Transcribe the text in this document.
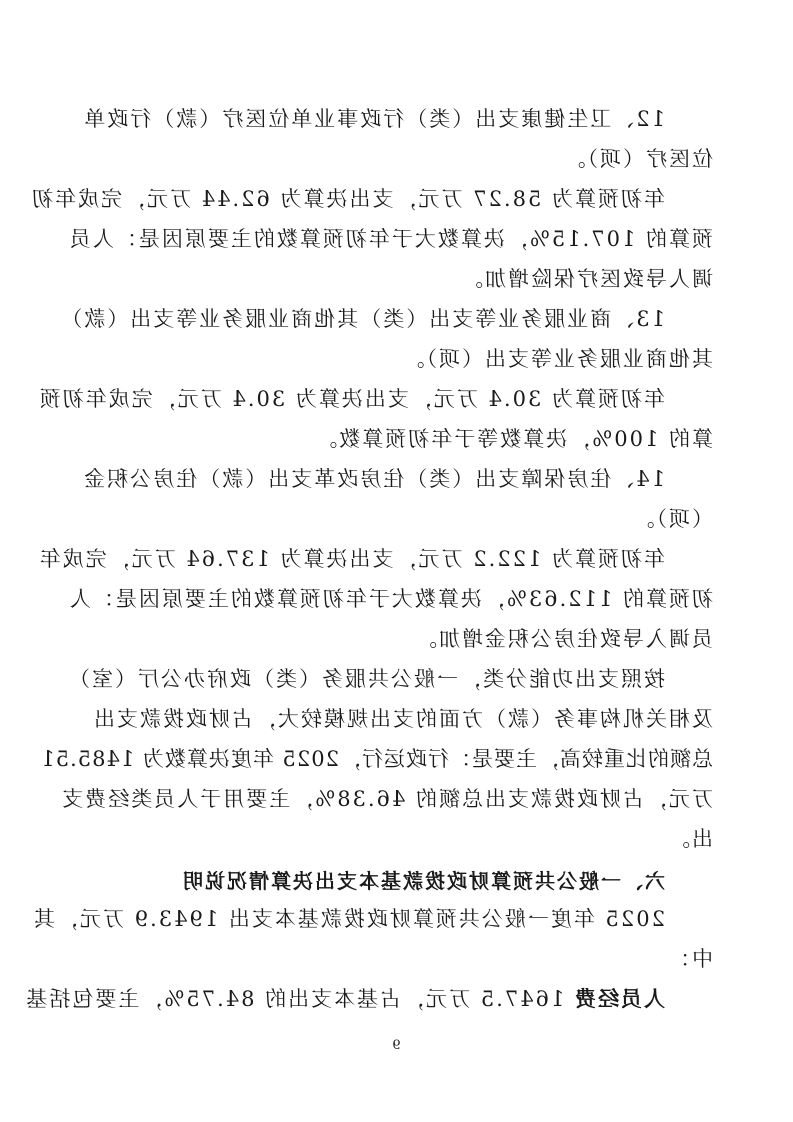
12、卫生健康支出（类）行政事业单位医疗（款）行政单
位医疗（项）。
年初预算为 58.27 万元，支出决算为 62.44 万元，完成年初
预算的 107.15%，决算数大于年初预算数的主要原因是：人员
调人导致医疗保险增加。
13、商业服务业等支出（类）其他商业服务业等支出（款）
其他商业服务业等支出（项）。
年初预算为 30.4 万元，支出决算为 30.4 万元，完成年初预
算的 100%，决算数等于年初预算数。
14、住房保障支出（类）住房改革支出（款）住房公积金
（项）。
年初预算为 122.2 万元，支出决算为 137.64 万元，完成年
初预算的 112.63%，决算数大于年初预算数的主要原因是：人
员调入导致住房公积金增加。
按照支出功能分类，一般公共服务（类）政府办公厅（室）
及相关机构事务（款）方面的支出规模较大，占财政拨款支出
总额的比重较高，主要是：行政运行，2025 年度决算数为 1485.51
万元，占财政拨款支出总额的 46.38%，主要用于人员类经费支
出。
六、一般公共预算财政拨款基本支出决算情况说明
2025 年度一般公共预算财政拨款基本支出 1943.9 万元，其
中：
人员经费 1647.5 万元，占基本支出的 84.75%，主要包括基
9
